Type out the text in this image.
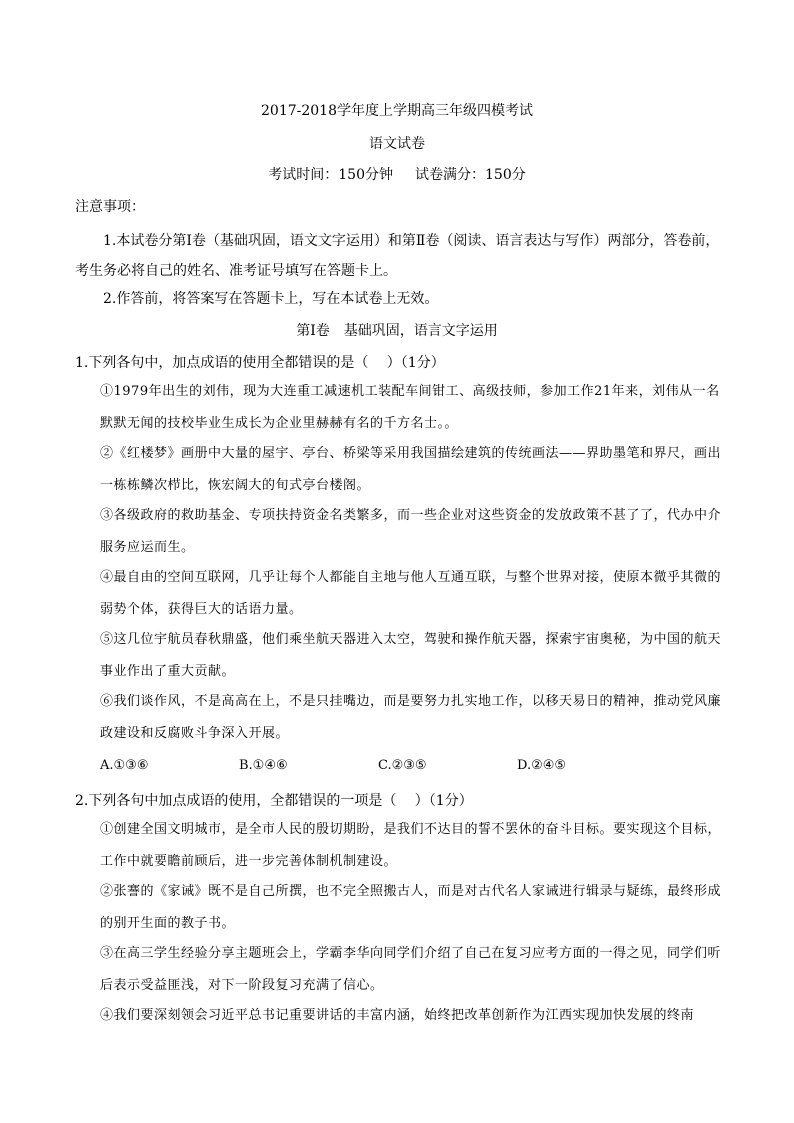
2017-2018学年度上学期高三年级四模考试
语文试卷
考试时间：150分钟 试卷满分：150分
注意事项：
1.本试卷分第Ⅰ卷（基础巩固，语文文字运用）和第Ⅱ卷（阅读、语言表达与写作）两部分，答卷前，考生务必将自己的姓名、准考证号填写在答题卡上。
2.作答前，将答案写在答题卡上，写在本试卷上无效。
第Ⅰ卷　基础巩固，语言文字运用
1.下列各句中，加点成语的使用全都错误的是（　 ）（1分）
①1979年出生的刘伟，现为大连重工减速机工装配车间钳工、高级技师，参加工作21年来，刘伟从一名默默无闻的技校毕业生成长为企业里赫赫有名的千方名士。。
②《红楼梦》画册中大量的屋宇、亭台、桥梁等采用我国描绘建筑的传统画法——界助墨笔和界尺，画出一栋栋鳞次栉比，恢宏阔大的旬式亭台楼阁。
③各级政府的救助基金、专项扶持资金名类繁多，而一些企业对这些资金的发放政策不甚了了，代办中介服务应运而生。
④最自由的空间互联网，几乎让每个人都能自主地与他人互通互联，与整个世界对接，使原本微乎其微的弱势个体，获得巨大的话语力量。
⑤这几位宇航员春秋鼎盛，他们乘坐航天器进入太空，驾驶和操作航天器，探索宇宙奥秘，为中国的航天事业作出了重大贡献。
⑥我们谈作风，不是高高在上，不是只挂嘴边，而是要努力扎实地工作，以移天易日的精神，推动党风廉政建设和反腐败斗争深入开展。
A.①③⑥	B.①④⑥	C.②③⑤	D.②④⑤
2.下列各句中加点成语的使用，全都错误的一项是（　 ）（1分）
①创建全国文明城市，是全市人民的殷切期盼，是我们不达目的誓不罢休的奋斗目标。要实现这个目标，工作中就要瞻前顾后，进一步完善体制机制建设。
②张謇的《家诫》既不是自己所撰，也不完全照搬古人，而是对古代名人家诫进行辑录与疑练，最终形成的别开生面的教子书。
③在高三学生经验分享主题班会上，学霸李华向同学们介绍了自己在复习应考方面的一得之见，同学们听后表示受益匪浅，对下一阶段复习充满了信心。
④我们要深刻领会习近平总书记重要讲话的丰富内涵，始终把改革创新作为江西实现加快发展的终南
